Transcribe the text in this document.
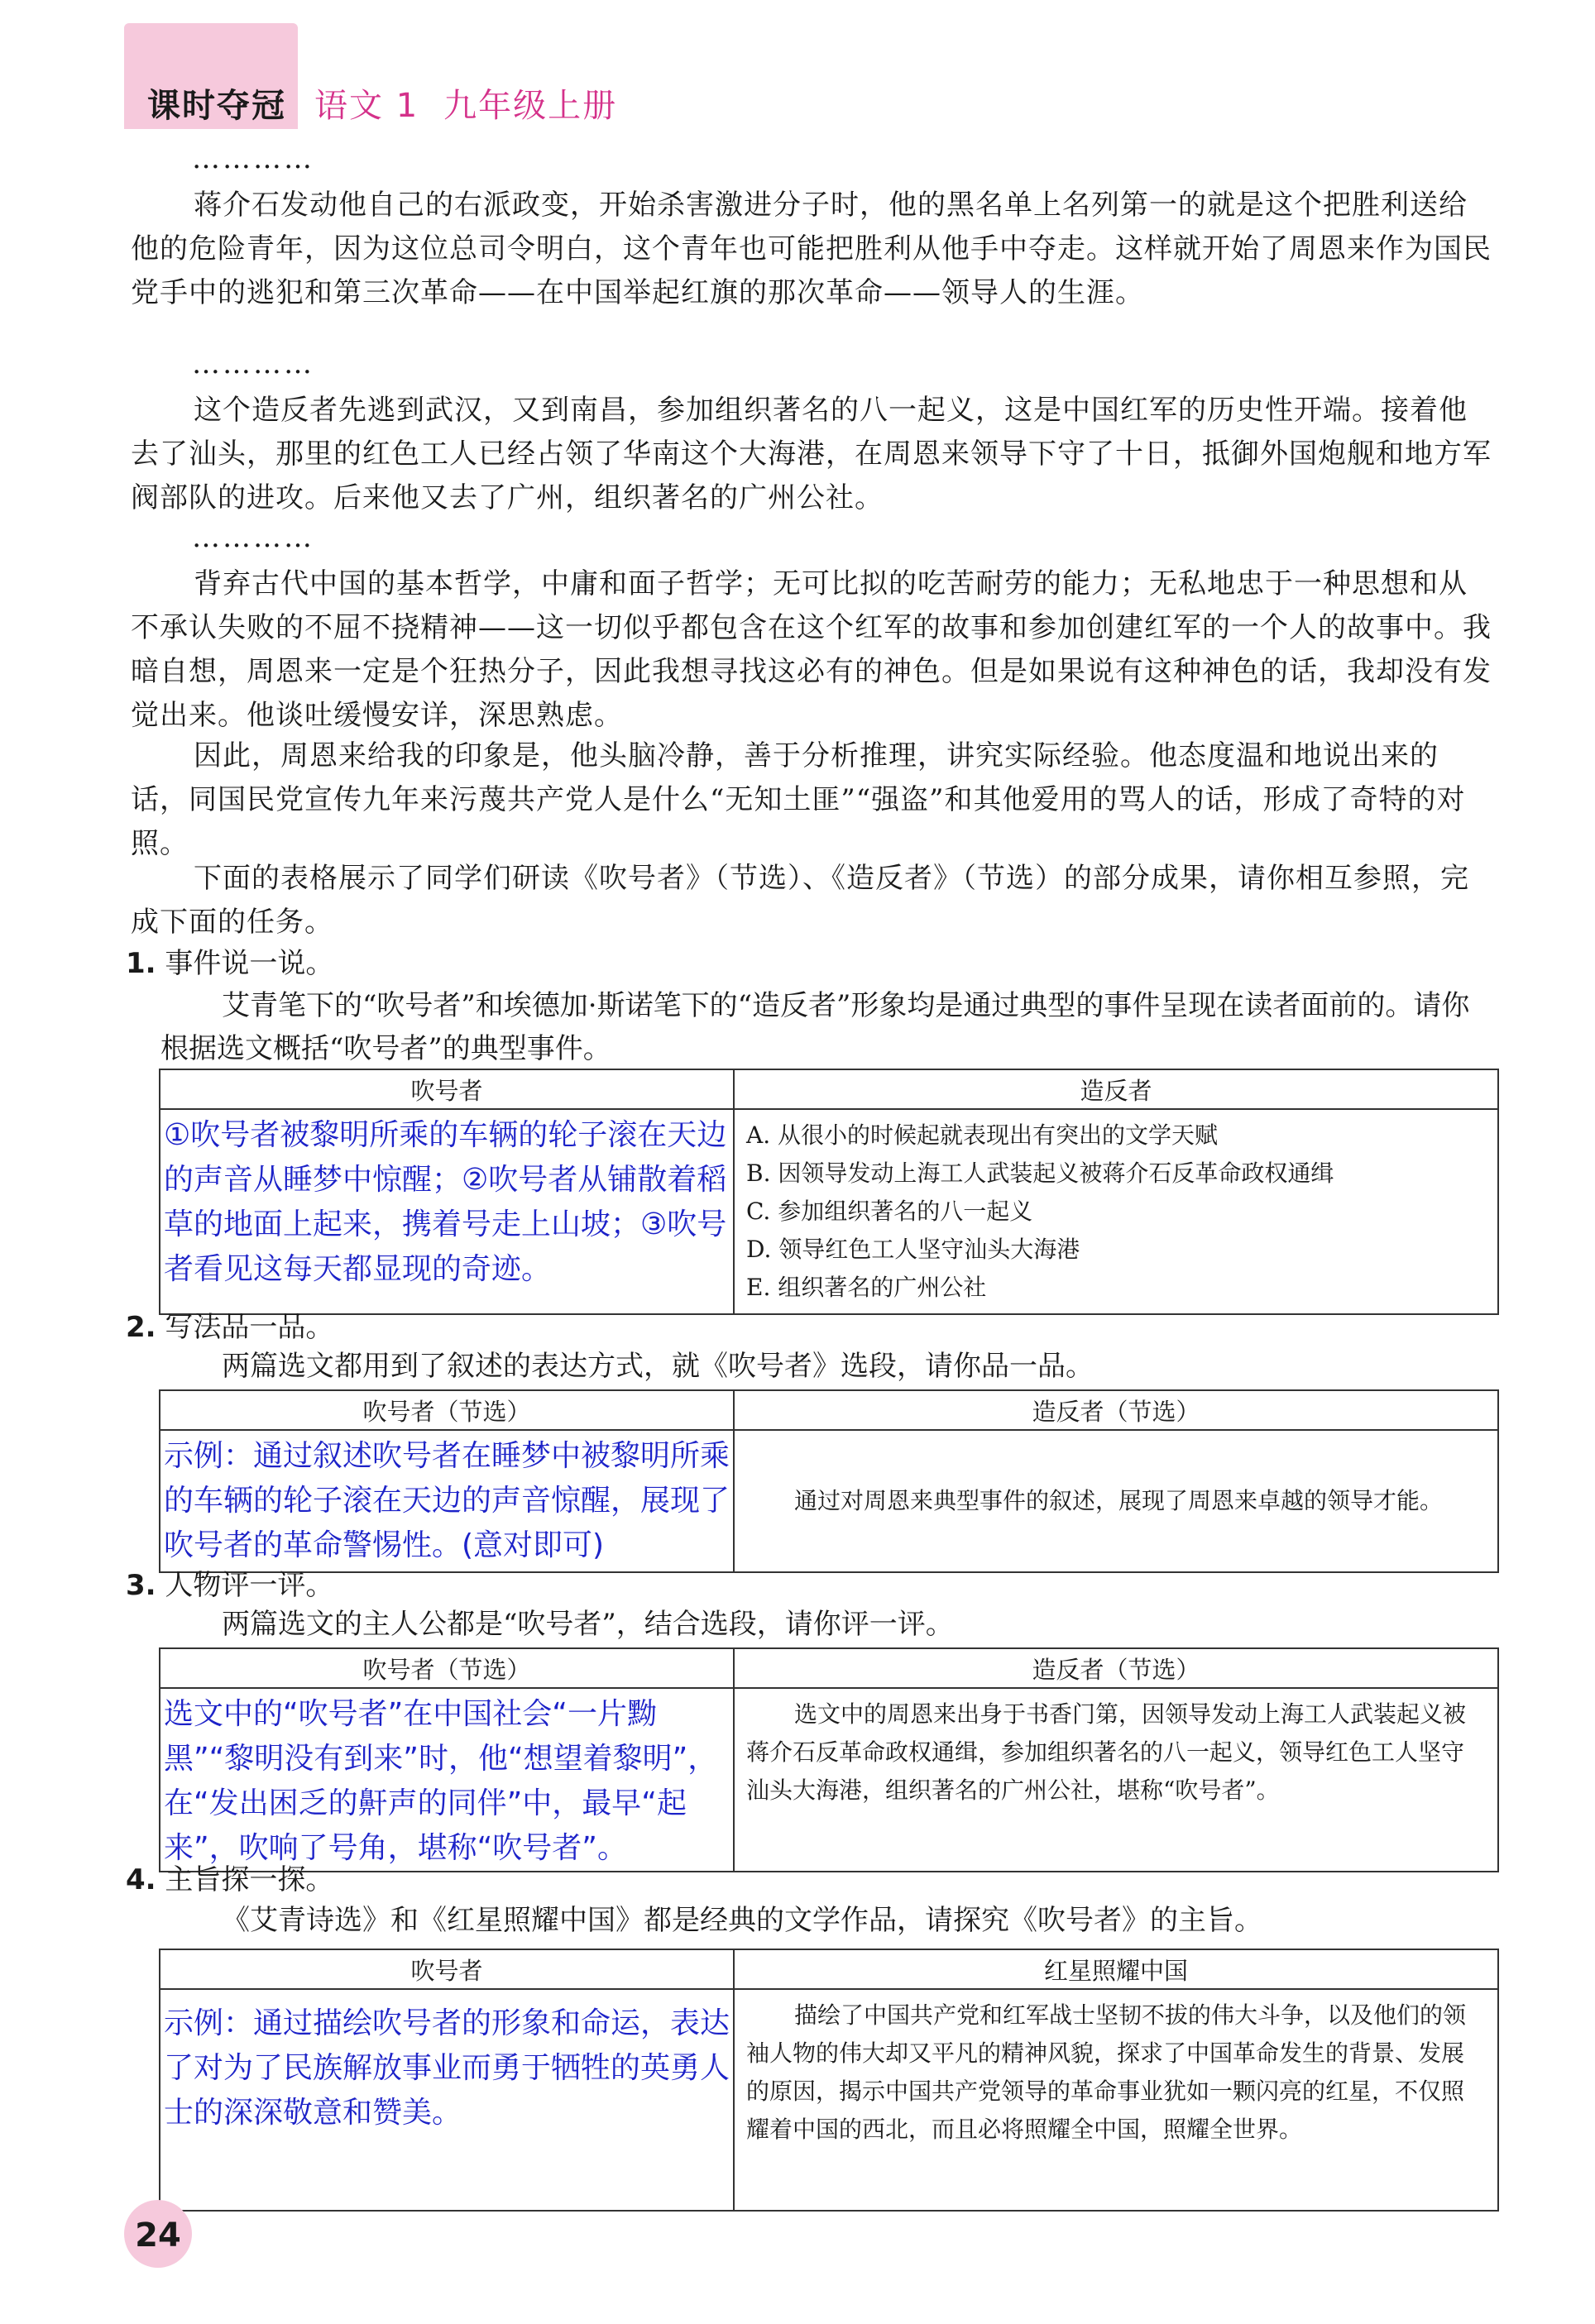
课时夺冠 语文 1 九年级上册
…………

蒋介石发动他自己的右派政变，开始杀害激进分子时，他的黑名单上名列第一的就是这个把胜利送给他的危险青年，因为这位总司令明白，这个青年也可能把胜利从他手中夺走。这样就开始了周恩来作为国民党手中的逃犯和第三次革命——在中国举起红旗的那次革命——领导人的生涯。

…………

这个造反者先逃到武汉，又到南昌，参加组织著名的八一起义，这是中国红军的历史性开端。接着他去了汕头，那里的红色工人已经占领了华南这个大海港，在周恩来领导下守了十日，抵御外国炮舰和地方军阀部队的进攻。后来他又去了广州，组织著名的广州公社。

…………

背弃古代中国的基本哲学，中庸和面子哲学；无可比拟的吃苦耐劳的能力；无私地忠于一种思想和从不承认失败的不屈不挠精神——这一切似乎都包含在这个红军的故事和参加创建红军的一个人的故事中。我暗自想，周恩来一定是个狂热分子，因此我想寻找这必有的神色。但是如果说有这种神色的话，我却没有发觉出来。他谈吐缓慢安详，深思熟虑。

因此，周恩来给我的印象是，他头脑冷静，善于分析推理，讲究实际经验。他态度温和地说出来的话，同国民党宣传九年来污蔑共产党人是什么“无知土匪”“强盗”和其他爱用的骂人的话，形成了奇特的对照。

下面的表格展示了同学们研读《吹号者》（节选）、《造反者》（节选）的部分成果，请你相互参照，完成下面的任务。

1. 事件说一说。

艾青笔下的“吹号者”和埃德加·斯诺笔下的“造反者”形象均是通过典型的事件呈现在读者面前的。请你根据选文概括“吹号者”的典型事件。

吹号者	造反者

①吹号者被黎明所乘的车辆的轮子滚在天边的声音从睡梦中惊醒；②吹号者从铺散着稻草的地面上起来，携着号走上山坡；③吹号者看见这每天都显现的奇迹。	A. 从很小的时候起就表现出有突出的文学天赋
B. 因领导发动上海工人武装起义被蒋介石反革命政权通缉
C. 参加组织著名的八一起义
D. 领导红色工人坚守汕头大海港
E. 组织著名的广州公社
2. 写法品一品。

两篇选文都用到了叙述的表达方式，就《吹号者》选段，请你品一品。

吹号者（节选）	造反者（节选）

示例：通过叙述吹号者在睡梦中被黎明所乘的车辆的轮子滚在天边的声音惊醒，展现了吹号者的革命警惕性。(意对即可)	通过对周恩来典型事件的叙述，展现了周恩来卓越的领导才能。

3. 人物评一评。

两篇选文的主人公都是“吹号者”，结合选段，请你评一评。

吹号者（节选）	造反者（节选）

选文中的“吹号者”在中国社会“一片黝黑”“黎明没有到来”时，他“想望着黎明”，在“发出困乏的鼾声的同伴”中，最早“起来”，吹响了号角，堪称“吹号者”。	选文中的周恩来出身于书香门第，因领导发动上海工人武装起义被蒋介石反革命政权通缉，参加组织著名的八一起义，领导红色工人坚守汕头大海港，组织著名的广州公社，堪称“吹号者”。

4. 主旨探一探。

《艾青诗选》和《红星照耀中国》都是经典的文学作品，请探究《吹号者》的主旨。

吹号者	红星照耀中国

示例：通过描绘吹号者的形象和命运，表达了对为了民族解放事业而勇于牺牲的英勇人士的深深敬意和赞美。	描绘了中国共产党和红军战士坚韧不拔的伟大斗争，以及他们的领袖人物的伟大却又平凡的精神风貌，探求了中国革命发生的背景、发展的原因，揭示中国共产党领导的革命事业犹如一颗闪亮的红星，不仅照耀着中国的西北，而且必将照耀全中国，照耀全世界。

24
